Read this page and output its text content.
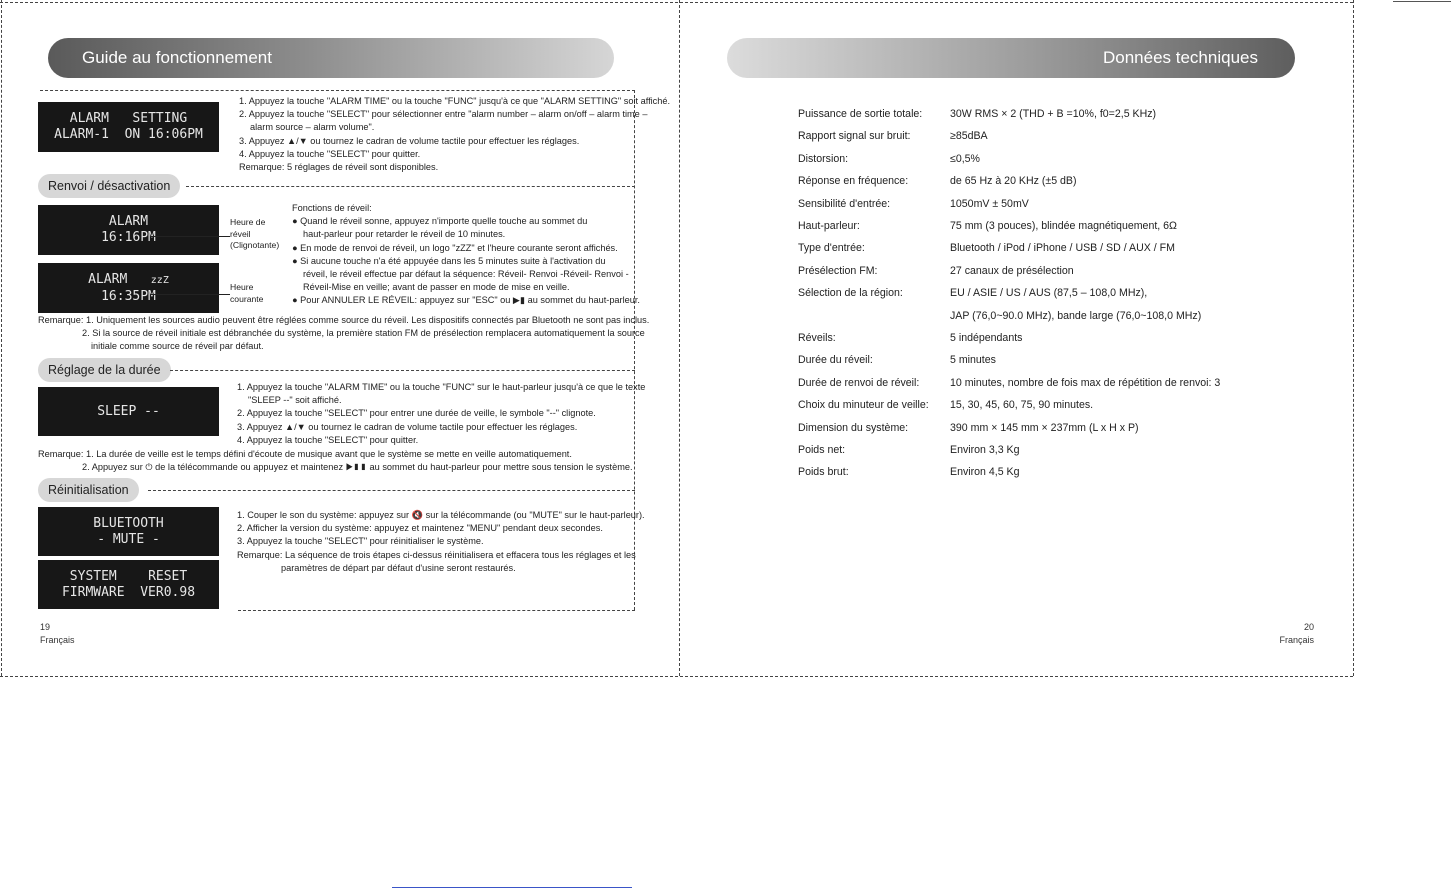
Guide au fonctionnement
ALARM   SETTING
ALARM-1  ON 16:06PM
1. Appuyez la touche "ALARM TIME" ou la touche "FUNC" jusqu'à ce que "ALARM SETTING" soit affiché.
2. Appuyez la touche "SELECT" pour sélectionner entre "alarm number – alarm on/off – alarm time –
alarm source – alarm volume".
3. Appuyez ▲/▼ ou tournez le cadran de volume tactile pour effectuer les réglages.
4. Appuyez la touche "SELECT" pour quitter.
Remarque: 5 réglages de réveil sont disponibles.
Renvoi / désactivation
ALARM
16:16PM
Heure de
réveil
(Clignotante)
ALARM zzZ
16:35PM
Heure
courante
Fonctions de réveil:
● Quand le réveil sonne, appuyez n'importe quelle touche au sommet du
haut-parleur pour retarder le réveil de 10 minutes.
● En mode de renvoi de réveil, un logo "zZZ" et l'heure courante seront affichés.
● Si aucune touche n'a été appuyée dans les 5 minutes suite à l'activation du
réveil, le réveil effectue par défaut la séquence: Réveil- Renvoi -Réveil- Renvoi -
Réveil-Mise en veille; avant de passer en mode de mise en veille.
● Pour ANNULER LE RÉVEIL: appuyez sur "ESC" ou ▶▮ au sommet du haut-parleur.
Remarque: 1. Uniquement les sources audio peuvent être réglées comme source du réveil. Les dispositifs connectés par Bluetooth ne sont pas inclus.
2. Si la source de réveil initiale est débranchée du système, la première station FM de présélection remplacera automatiquement la source
initiale comme source de réveil par défaut.
Réglage de la durée
SLEEP --
1. Appuyez la touche "ALARM TIME" ou la touche "FUNC" sur le haut-parleur jusqu'à ce que le texte
"SLEEP --" soit affiché.
2. Appuyez la touche "SELECT" pour entrer une durée de veille, le symbole "--" clignote.
3. Appuyez ▲/▼ ou tournez le cadran de volume tactile pour effectuer les réglages.
4. Appuyez la touche "SELECT" pour quitter.
Remarque: 1. La durée de veille est le temps défini d'écoute de musique avant que le système se mette en veille automatiquement.
2. Appuyez sur ⏻ de la télécommande ou appuyez et maintenez ▶▮▮ au sommet du haut-parleur pour mettre sous tension le système.
Réinitialisation
BLUETOOTH
- MUTE -
SYSTEM    RESET
FIRMWARE  VER0.98
1. Couper le son du système: appuyez sur 🔇 sur la télécommande (ou "MUTE" sur le haut-parleur).
2. Afficher la version du système: appuyez et maintenez "MENU" pendant deux secondes.
3. Appuyez la touche "SELECT" pour réinitialiser le système.
Remarque: La séquence de trois étapes ci-dessus réinitialisera et effacera tous les réglages et les
paramètres de départ par défaut d'usine seront restaurés.
19
Français
Données techniques
Puissance de sortie totale:	30W RMS × 2 (THD + B =10%, f0=2,5 KHz)
Rapport signal sur bruit:	≥85dBA
Distorsion:	≤0,5%
Réponse en fréquence:	de 65 Hz à 20 KHz (±5 dB)
Sensibilité d'entrée:	1050mV ± 50mV
Haut-parleur:	75 mm (3 pouces), blindée magnétiquement, 6Ω
Type d'entrée:	Bluetooth / iPod / iPhone / USB / SD / AUX / FM
Présélection FM:	27 canaux de présélection
Sélection de la région:	EU / ASIE / US / AUS (87,5 – 108,0 MHz),
JAP (76,0~90.0 MHz), bande large (76,0~108,0 MHz)
Réveils:	5 indépendants
Durée du réveil:	5 minutes
Durée de renvoi de réveil:	10 minutes, nombre de fois max de répétition de renvoi: 3
Choix du minuteur de veille: 15, 30, 45, 60, 75, 90 minutes.
Dimension du système:	390 mm × 145 mm × 237mm (L x H x P)
Poids net:	Environ 3,3 Kg
Poids brut:	Environ 4,5 Kg
20
Français
